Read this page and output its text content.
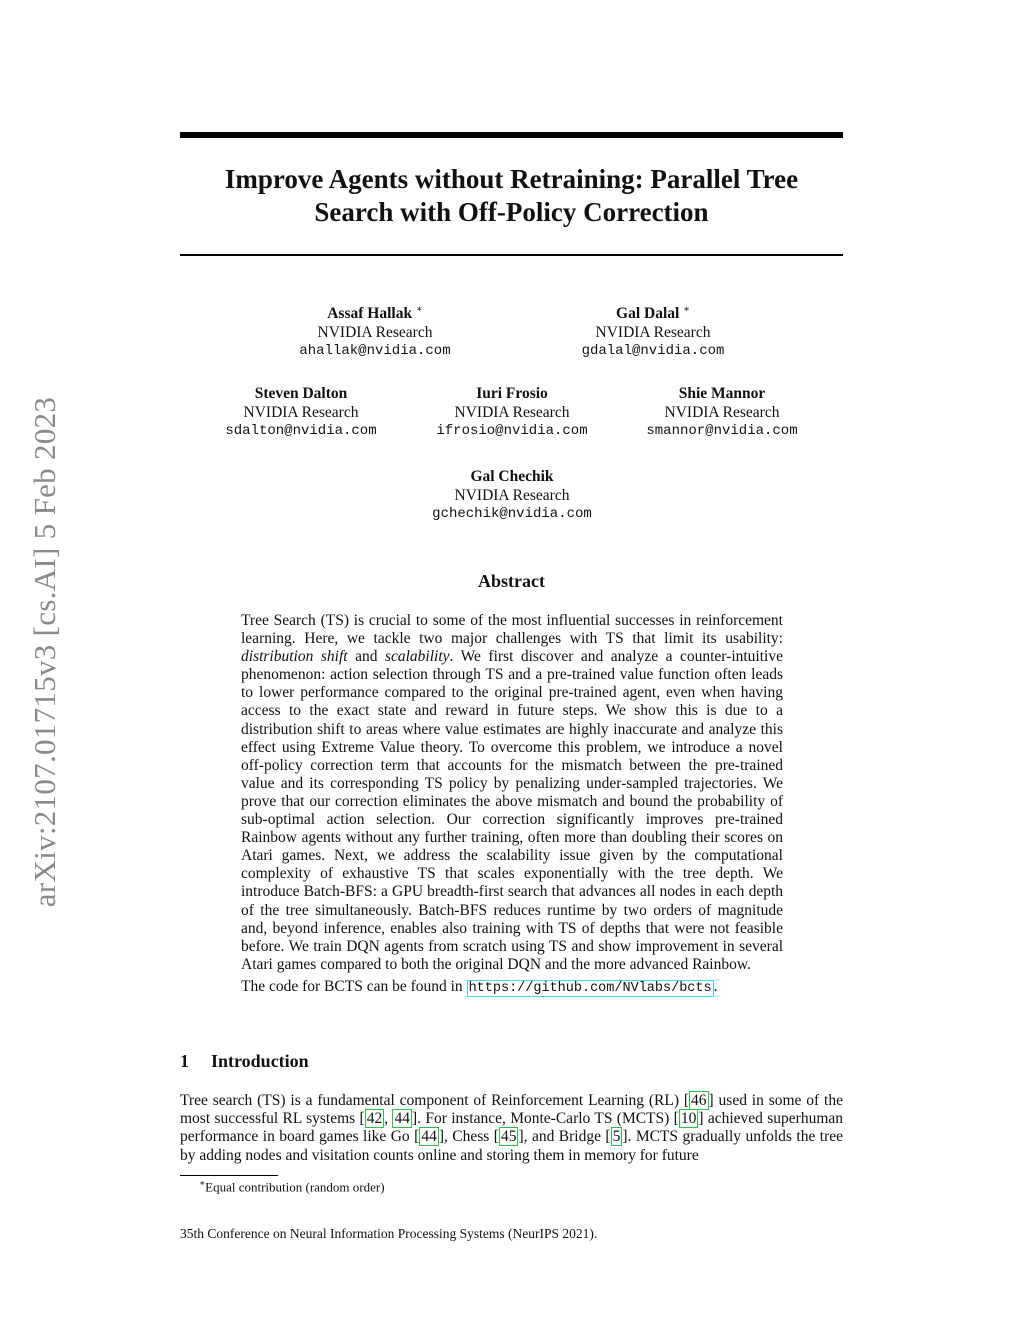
arXiv:2107.01715v3 [cs.AI] 5 Feb 2023
Improve Agents without Retraining: Parallel Tree
Search with Off-Policy Correction
Assaf Hallak ∗
NVIDIA Research
ahallak@nvidia.com
Gal Dalal ∗
NVIDIA Research
gdalal@nvidia.com
Steven Dalton
NVIDIA Research
sdalton@nvidia.com
Iuri Frosio
NVIDIA Research
ifrosio@nvidia.com
Shie Mannor
NVIDIA Research
smannor@nvidia.com
Gal Chechik
NVIDIA Research
gchechik@nvidia.com
Abstract

Tree Search (TS) is crucial to some of the most influential successes in reinforcement learning. Here, we tackle two major challenges with TS that limit its usability: distribution shift and scalability. We first discover and analyze a counter-intuitive phenomenon: action selection through TS and a pre-trained value function often leads to lower performance compared to the original pre-trained agent, even when having access to the exact state and reward in future steps. We show this is due to a distribution shift to areas where value estimates are highly inaccurate and analyze this effect using Extreme Value theory. To overcome this problem, we introduce a novel off-policy correction term that accounts for the mismatch between the pre-trained value and its corresponding TS policy by penalizing under-sampled trajectories. We prove that our correction eliminates the above mismatch and bound the probability of sub-optimal action selection. Our correction significantly improves pre-trained Rainbow agents without any further training, often more than doubling their scores on Atari games. Next, we address the scalability issue given by the computational complexity of exhaustive TS that scales exponentially with the tree depth. We introduce Batch-BFS: a GPU breadth-first search that advances all nodes in each depth of the tree simultaneously. Batch-BFS reduces runtime by two orders of magnitude and, beyond inference, enables also training with TS of depths that were not feasible before. We train DQN agents from scratch using TS and show improvement in several Atari games compared to both the original DQN and the more advanced Rainbow.

The code for BCTS can be found in https://github.com/NVlabs/bcts .

1 Introduction

Tree search (TS) is a fundamental component of Reinforcement Learning (RL) [ 46 ] used in some of the most successful RL systems [ 42 , 44 ]. For instance, Monte-Carlo TS (MCTS) [ 10 ] achieved superhuman performance in board games like Go [ 44 ], Chess [ 45 ], and Bridge [ 5 ]. MCTS gradually unfolds the tree by adding nodes and visitation counts online and storing them in memory for future

∗Equal contribution (random order)
35th Conference on Neural Information Processing Systems (NeurIPS 2021).
